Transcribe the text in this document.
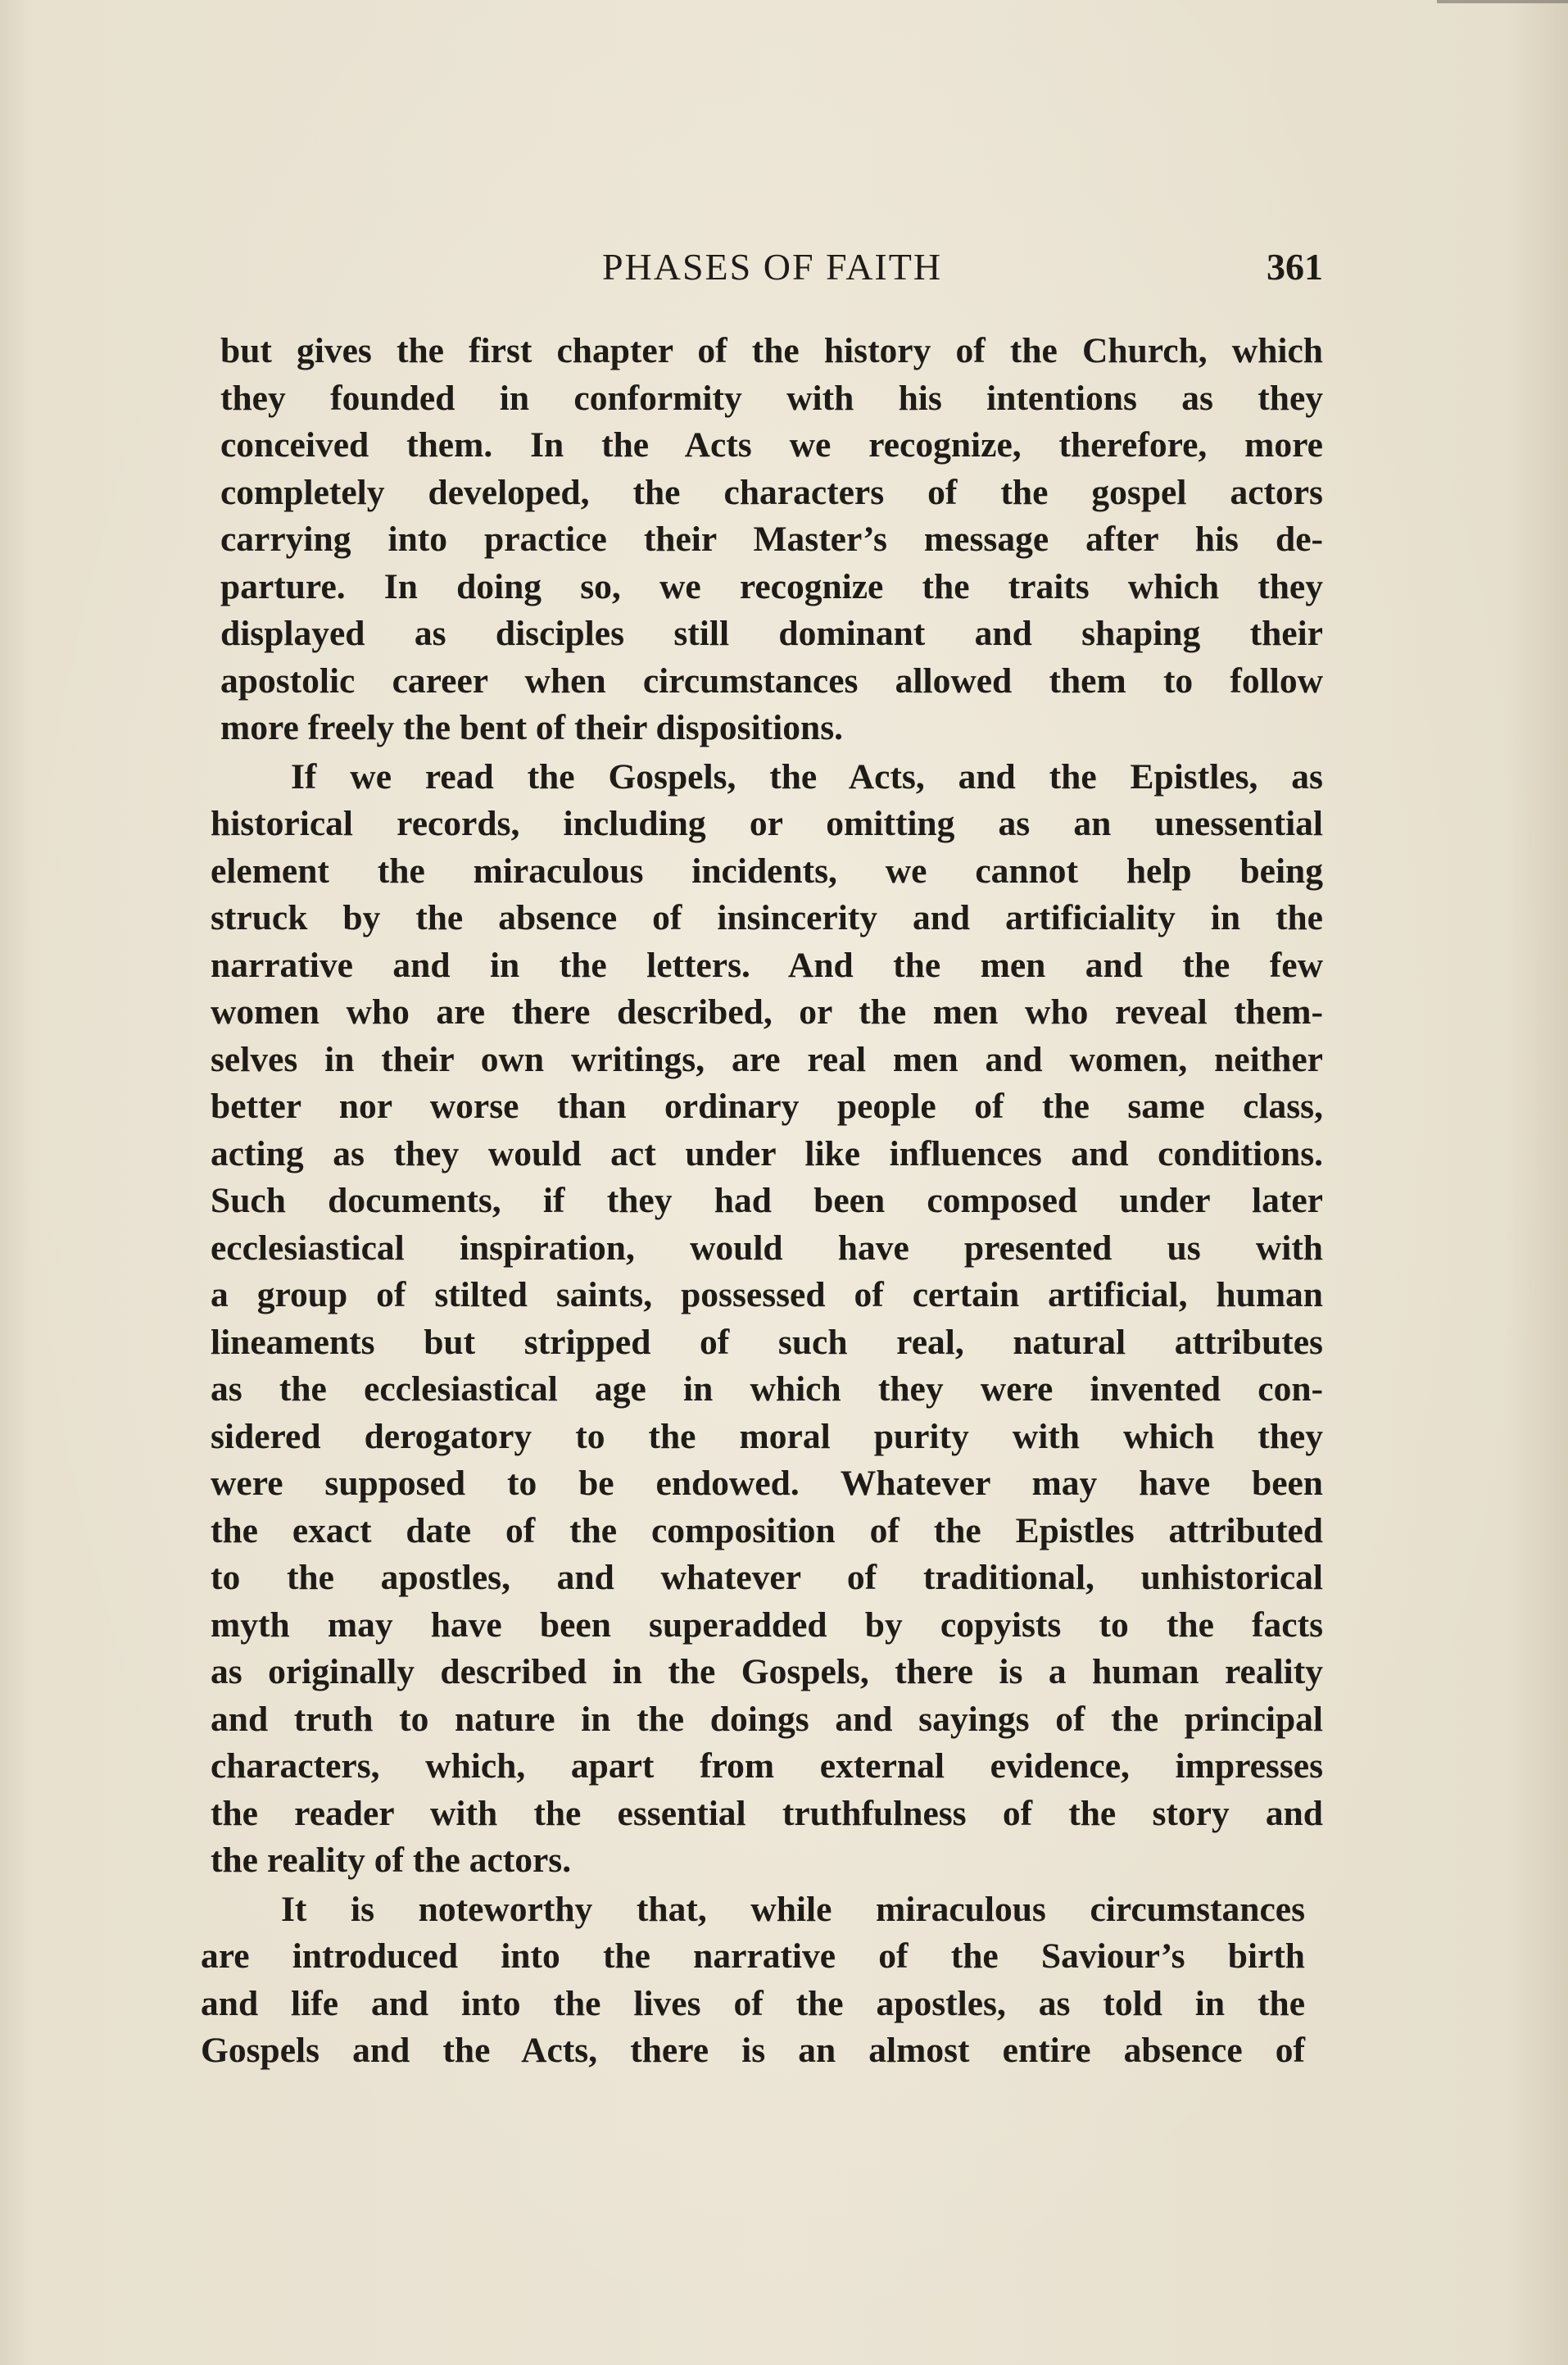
PHASES OF FAITH	361
but gives the first chapter of the history of the Church, which
they founded in conformity with his intentions as they
conceived them. In the Acts we recognize, therefore, more
completely developed, the characters of the gospel actors
carrying into practice their Master’s message after his de-
parture. In doing so, we recognize the traits which they
displayed as disciples still dominant and shaping their
apostolic career when circumstances allowed them to follow
more freely the bent of their dispositions.
If we read the Gospels, the Acts, and the Epistles, as
historical records, including or omitting as an unessential
element the miraculous incidents, we cannot help being
struck by the absence of insincerity and artificiality in the
narrative and in the letters. And the men and the few
women who are there described, or the men who reveal them-
selves in their own writings, are real men and women, neither
better nor worse than ordinary people of the same class,
acting as they would act under like influences and conditions.
Such documents, if they had been composed under later
ecclesiastical inspiration, would have presented us with
a group of stilted saints, possessed of certain artificial, human
lineaments but stripped of such real, natural attributes
as the ecclesiastical age in which they were invented con-
sidered derogatory to the moral purity with which they
were supposed to be endowed. Whatever may have been
the exact date of the composition of the Epistles attributed
to the apostles, and whatever of traditional, unhistorical
myth may have been superadded by copyists to the facts
as originally described in the Gospels, there is a human reality
and truth to nature in the doings and sayings of the principal
characters, which, apart from external evidence, impresses
the reader with the essential truthfulness of the story and
the reality of the actors.
It is noteworthy that, while miraculous circumstances
are introduced into the narrative of the Saviour’s birth
and life and into the lives of the apostles, as told in the
Gospels and the Acts, there is an almost entire absence of
